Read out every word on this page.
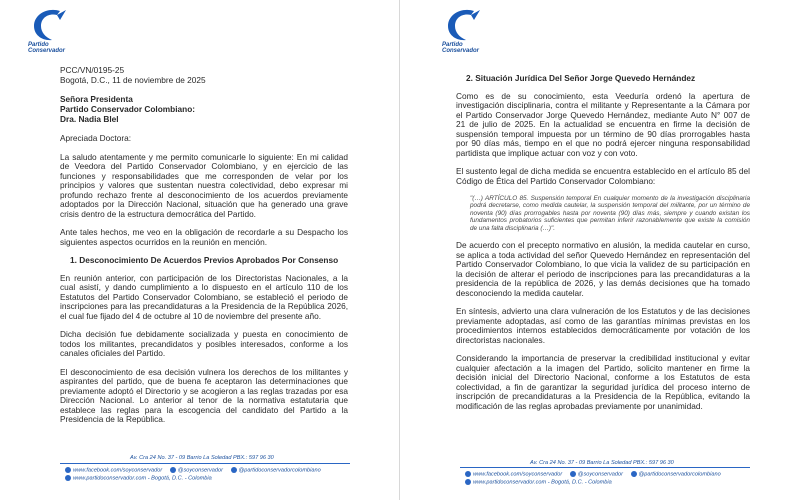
Partido
Conservador
PCC/VN/0195-25
Bogotá, D.C., 11 de noviembre de 2025
Señora Presidenta
Partido Conservador Colombiano:
Dra. Nadia Blel

Apreciada Doctora:

La saludo atentamente y me permito comunicarle lo siguiente: En mi calidad de Veedora del Partido Conservador Colombiano, y en ejercicio de las funciones y responsabilidades que me corresponden de velar por los principios y valores que sustentan nuestra colectividad, debo expresar mi profundo rechazo frente al desconocimiento de los acuerdos previamente adoptados por la Dirección Nacional, situación que ha generado una grave crisis dentro de la estructura democrática del Partido.

Ante tales hechos, me veo en la obligación de recordarle a su Despacho los siguientes aspectos ocurridos en la reunión en mención.

1. Desconocimiento De Acuerdos Previos Aprobados Por Consenso

En reunión anterior, con participación de los Directoristas Nacionales, a la cual asistí, y dando cumplimiento a lo dispuesto en el artículo 110 de los Estatutos del Partido Conservador Colombiano, se estableció el periodo de inscripciones para las precandidaturas a la Presidencia de la República 2026, el cual fue fijado del 4 de octubre al 10 de noviembre del presente año.

Dicha decisión fue debidamente socializada y puesta en conocimiento de todos los militantes, precandidatos y posibles interesados, conforme a los canales oficiales del Partido.

El desconocimiento de esa decisión vulnera los derechos de los militantes y aspirantes del partido, que de buena fe aceptaron las determinaciones que previamente adoptó el Directorio y se acogieron a las reglas trazadas por esa Dirección Nacional. Lo anterior al tenor de la normativa estatutaria que establece las reglas para la escogencia del candidato del Partido a la Presidencia de la República.

Av. Cra 24 No. 37 - 09 Barrio La Soledad PBX.: 597 96 30
www.facebook.com/soyconservador	@soyconservador	@partidoconservadorcolombiano
www.partidoconservador.com - Bogotá, D.C. - Colombia
Partido
Conservador
2. Situación Jurídica Del Señor Jorge Quevedo Hernández

Como es de su conocimiento, esta Veeduría ordenó la apertura de investigación disciplinaria, contra el militante y Representante a la Cámara por el Partido Conservador Jorge Quevedo Hernández, mediante Auto N° 007 de 21 de julio de 2025. En la actualidad se encuentra en firme la decisión de suspensión temporal impuesta por un término de 90 días prorrogables hasta por 90 días más, tiempo en el que no podrá ejercer ninguna responsabilidad partidista que implique actuar con voz y con voto.

El sustento legal de dicha medida se encuentra establecido en el artículo 85 del Código de Ética del Partido Conservador Colombiano:

"(…) ARTÍCULO 85. Suspensión temporal En cualquier momento de la investigación disciplinaria podrá decretarse, como medida cautelar, la suspensión temporal del militante, por un término de noventa (90) días prorrogables hasta por noventa (90) días más, siempre y cuando existan los fundamentos probatorios suficientes que permitan inferir razonablemente que existe la comisión de una falta disciplinaria (…)".

De acuerdo con el precepto normativo en alusión, la medida cautelar en curso, se aplica a toda actividad del señor Quevedo Hernández en representación del Partido Conservador Colombiano, lo que vicia la validez de su participación en la decisión de alterar el periodo de inscripciones para las precandidaturas a la presidencia de la república de 2026, y las demás decisiones que ha tomado desconociendo la medida cautelar.

En síntesis, advierto una clara vulneración de los Estatutos y de las decisiones previamente adoptadas, así como de las garantías mínimas previstas en los procedimientos internos establecidos democráticamente por votación de los directoristas nacionales.

Considerando la importancia de preservar la credibilidad institucional y evitar cualquier afectación a la imagen del Partido, solicito mantener en firme la decisión inicial del Directorio Nacional, conforme a los Estatutos de esta colectividad, a fin de garantizar la seguridad jurídica del proceso interno de inscripción de precandidaturas a la Presidencia de la República, evitando la modificación de las reglas aprobadas previamente por unanimidad.

Av. Cra 24 No. 37 - 09 Barrio La Soledad PBX.: 597 96 30
www.facebook.com/soyconservador	@soyconservador	@partidoconservadorcolombiano
www.partidoconservador.com - Bogotá, D.C. - Colombia
